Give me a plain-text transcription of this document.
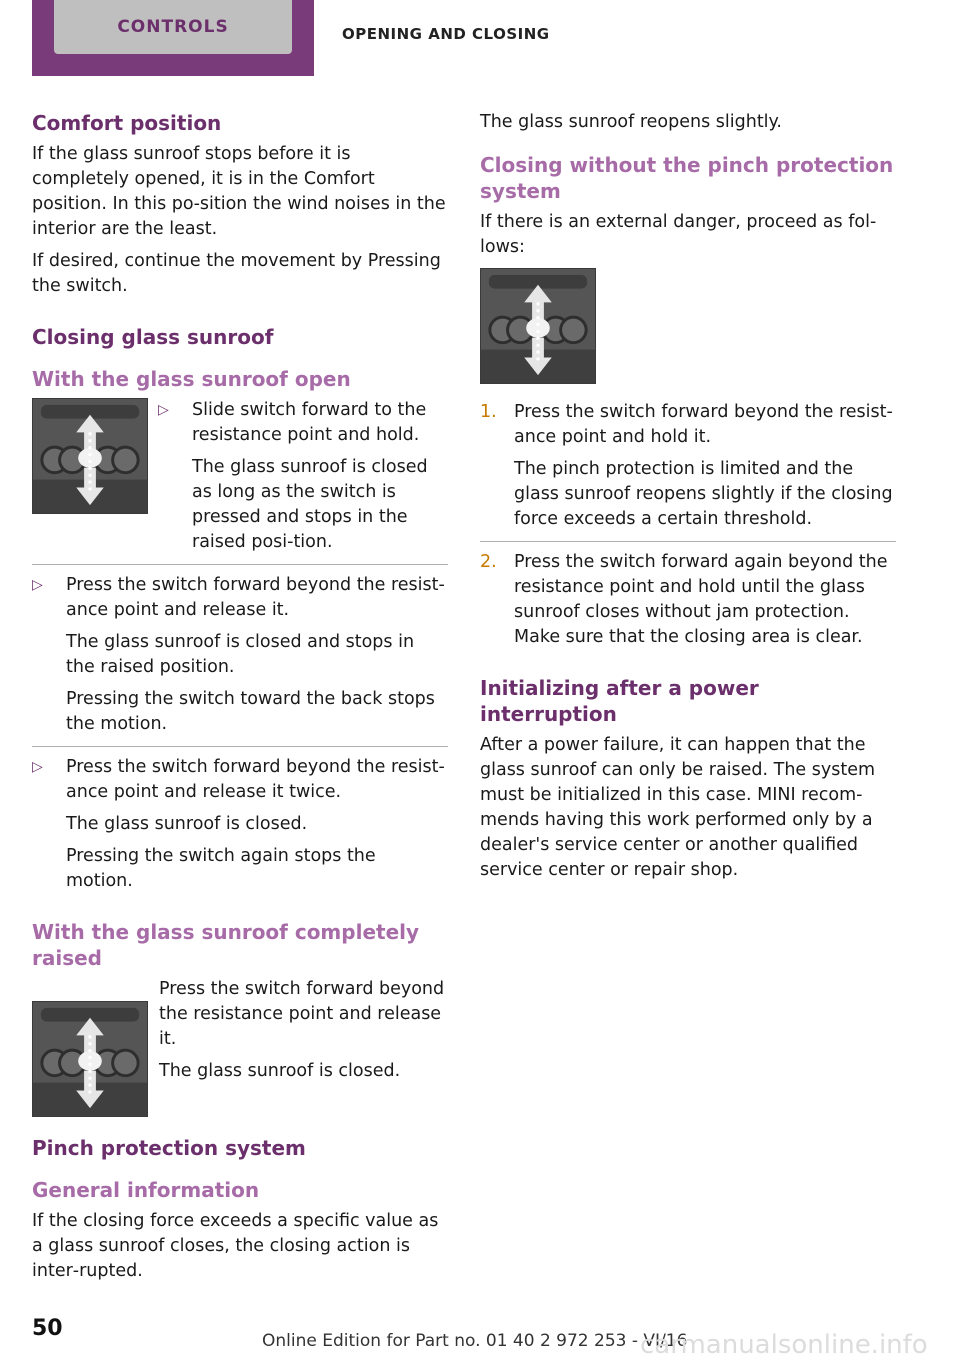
CONTROLS	OPENING AND CLOSING
Comfort position
If the glass sunroof stops before it is completely opened, it is in the Comfort position. In this po‐sition the wind noises in the interior are the least.
If desired, continue the movement by Pressing the switch.
Closing glass sunroof
With the glass sunroof open
▷	Slide switch forward to the resistance point and hold.
The glass sunroof is closed as long as the switch is pressed and stops in the raised posi‐tion.
▷	Press the switch forward beyond the resist‐ance point and release it.
The glass sunroof is closed and stops in the raised position.
Pressing the switch toward the back stops the motion.
▷	Press the switch forward beyond the resist‐ance point and release it twice.
The glass sunroof is closed.
Pressing the switch again stops the motion.
With the glass sunroof completely raised
Press the switch forward beyond the resistance point and release it.
The glass sunroof is closed.
Pinch protection system
General information
If the closing force exceeds a specific value as a glass sunroof closes, the closing action is inter‐rupted.
The glass sunroof reopens slightly.
Closing without the pinch protection system
If there is an external danger, proceed as fol‐lows:
1. Press the switch forward beyond the resist‐ance point and hold it.
The pinch protection is limited and the glass sunroof reopens slightly if the closing force exceeds a certain threshold.
2. Press the switch forward again beyond the resistance point and hold until the glass sunroof closes without jam protection. Make sure that the closing area is clear.
Initializing after a power interruption
After a power failure, it can happen that the glass sunroof can only be raised. The system must be initialized in this case. MINI recom‐mends having this work performed only by a dealer's service center or another qualified service center or repair shop.
50	Online Edition for Part no. 01 40 2 972 253 - VI/16
carmanualsonline.info
